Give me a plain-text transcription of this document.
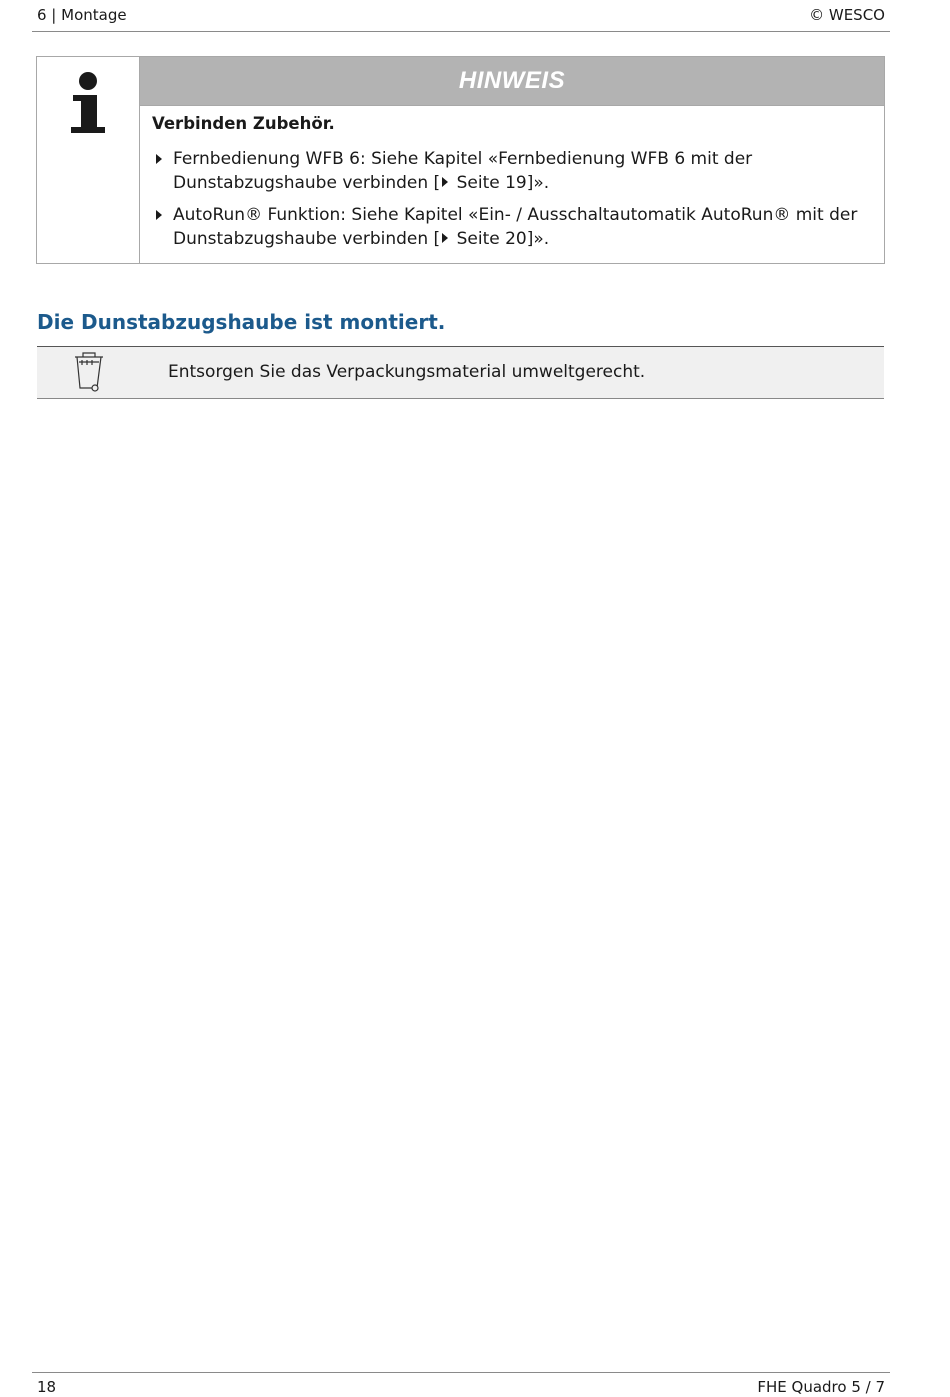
6 | Montage	© WESCO
HINWEIS
Verbinden Zubehör.
Fernbedienung WFB 6: Siehe Kapitel «Fernbedienung WFB 6 mit der
Dunstabzugshaube verbinden [ Seite 19]».
AutoRun® Funktion: Siehe Kapitel «Ein- / Ausschaltautomatik AutoRun® mit der
Dunstabzugshaube verbinden [ Seite 20]».
Die Dunstabzugshaube ist montiert.
Entsorgen Sie das Verpackungsmaterial umweltgerecht.
18	FHE Quadro 5 / 7
